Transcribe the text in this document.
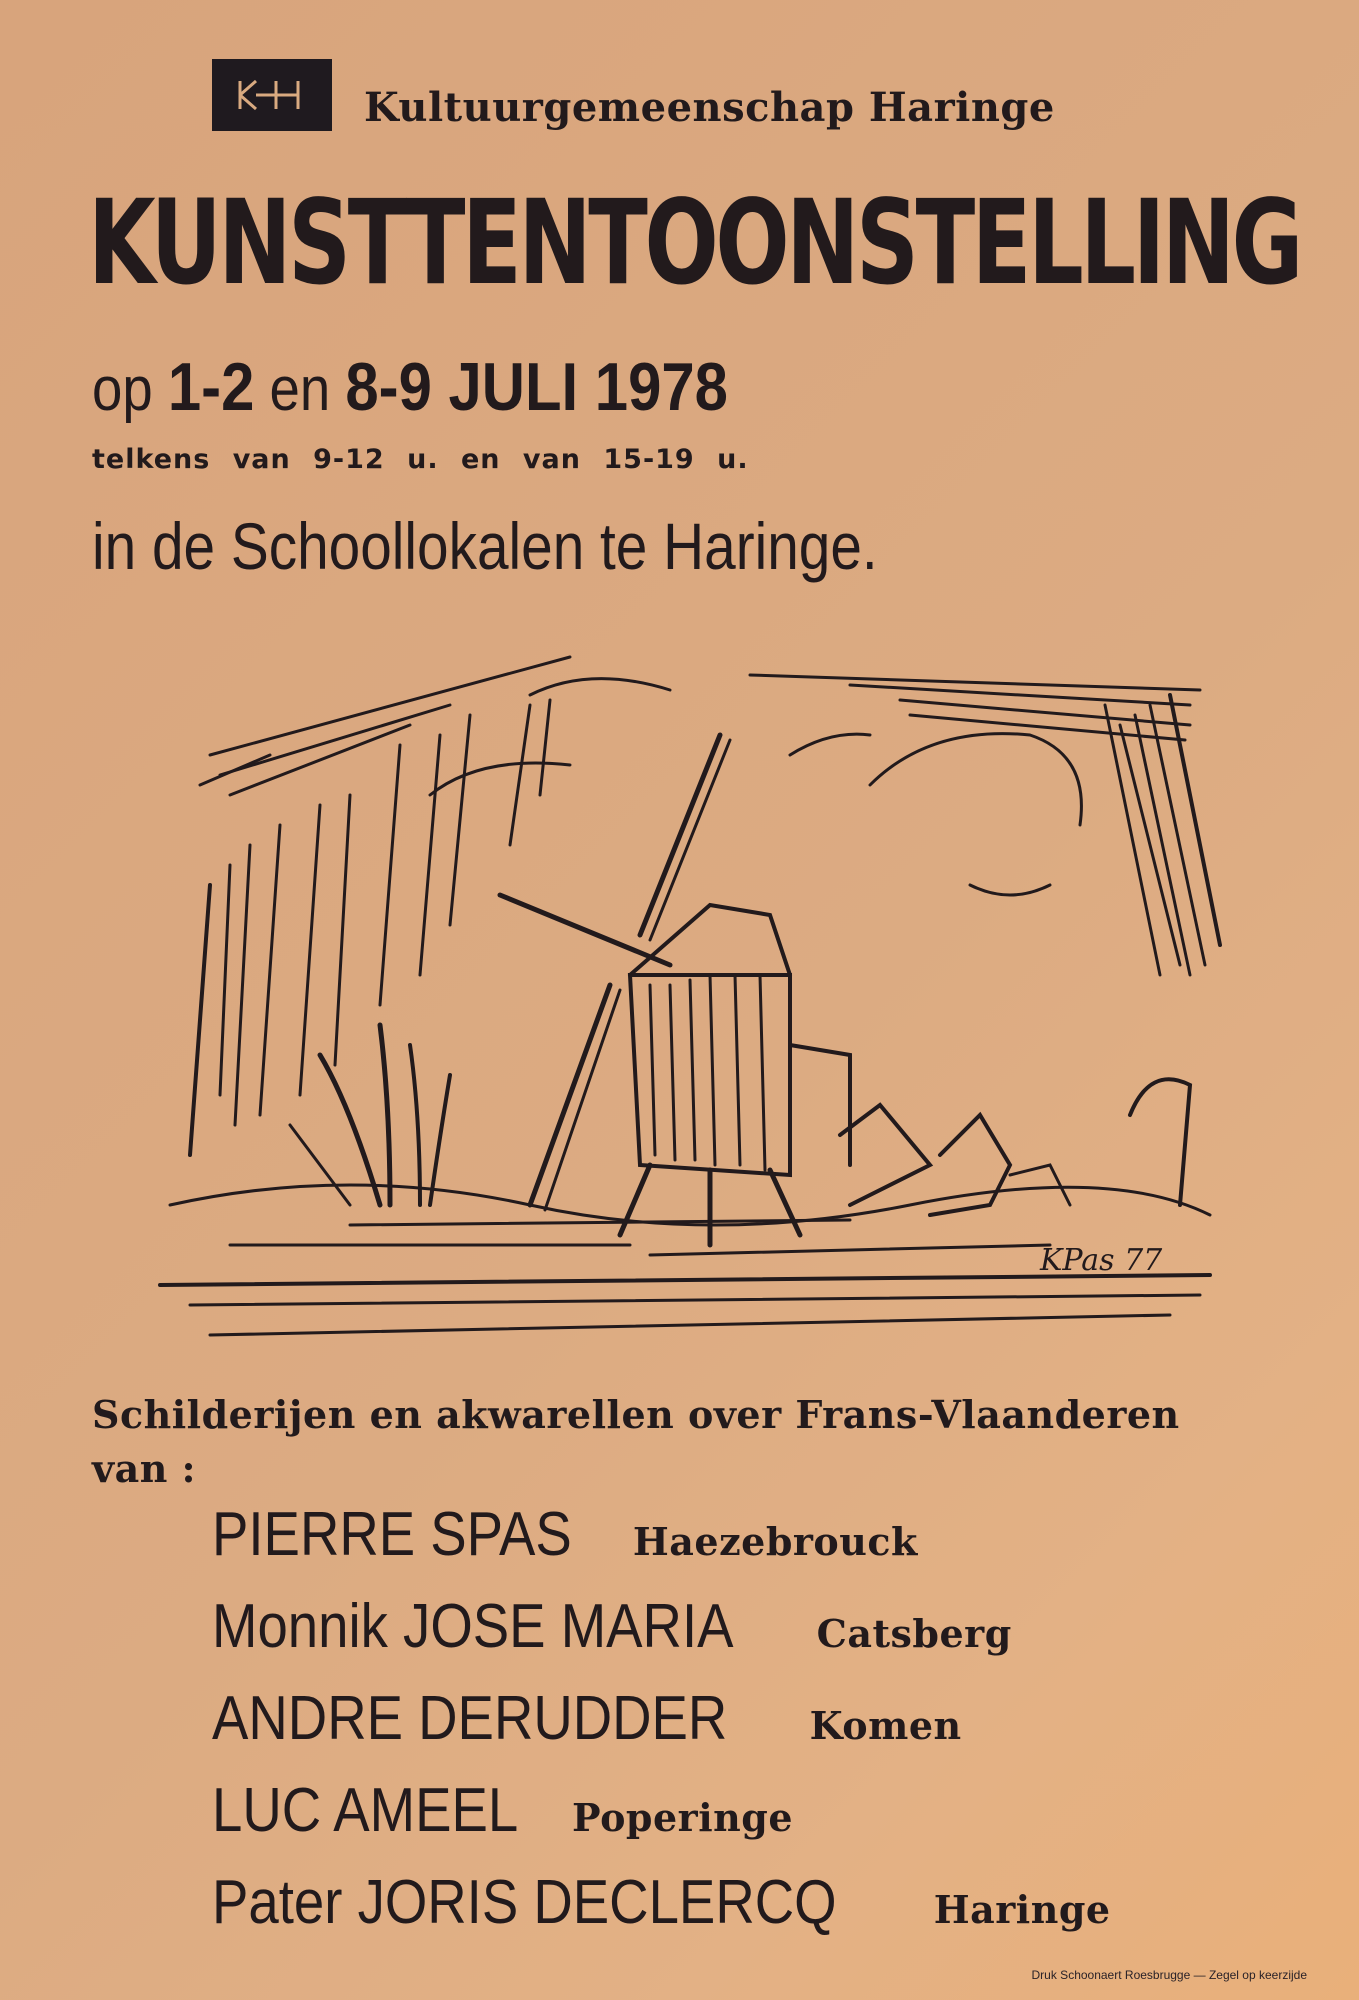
Kultuurgemeenschap Haringe
KUNSTTENTOONSTELLING
op 1-2 en 8-9 JULI 1978
telkens van 9-12 u. en van 15-19 u.
in de Schoollokalen te Haringe.
KPas 77
Schilderijen en akwarellen over Frans-Vlaanderen
van :
PIERRE SPAS Haezebrouck
Monnik JOSE MARIA Catsberg
ANDRE DERUDDER Komen
LUC AMEEL Poperinge
Pater JORIS DECLERCQ	Haringe
Druk Schoonaert Roesbrugge — Zegel op keerzijde
